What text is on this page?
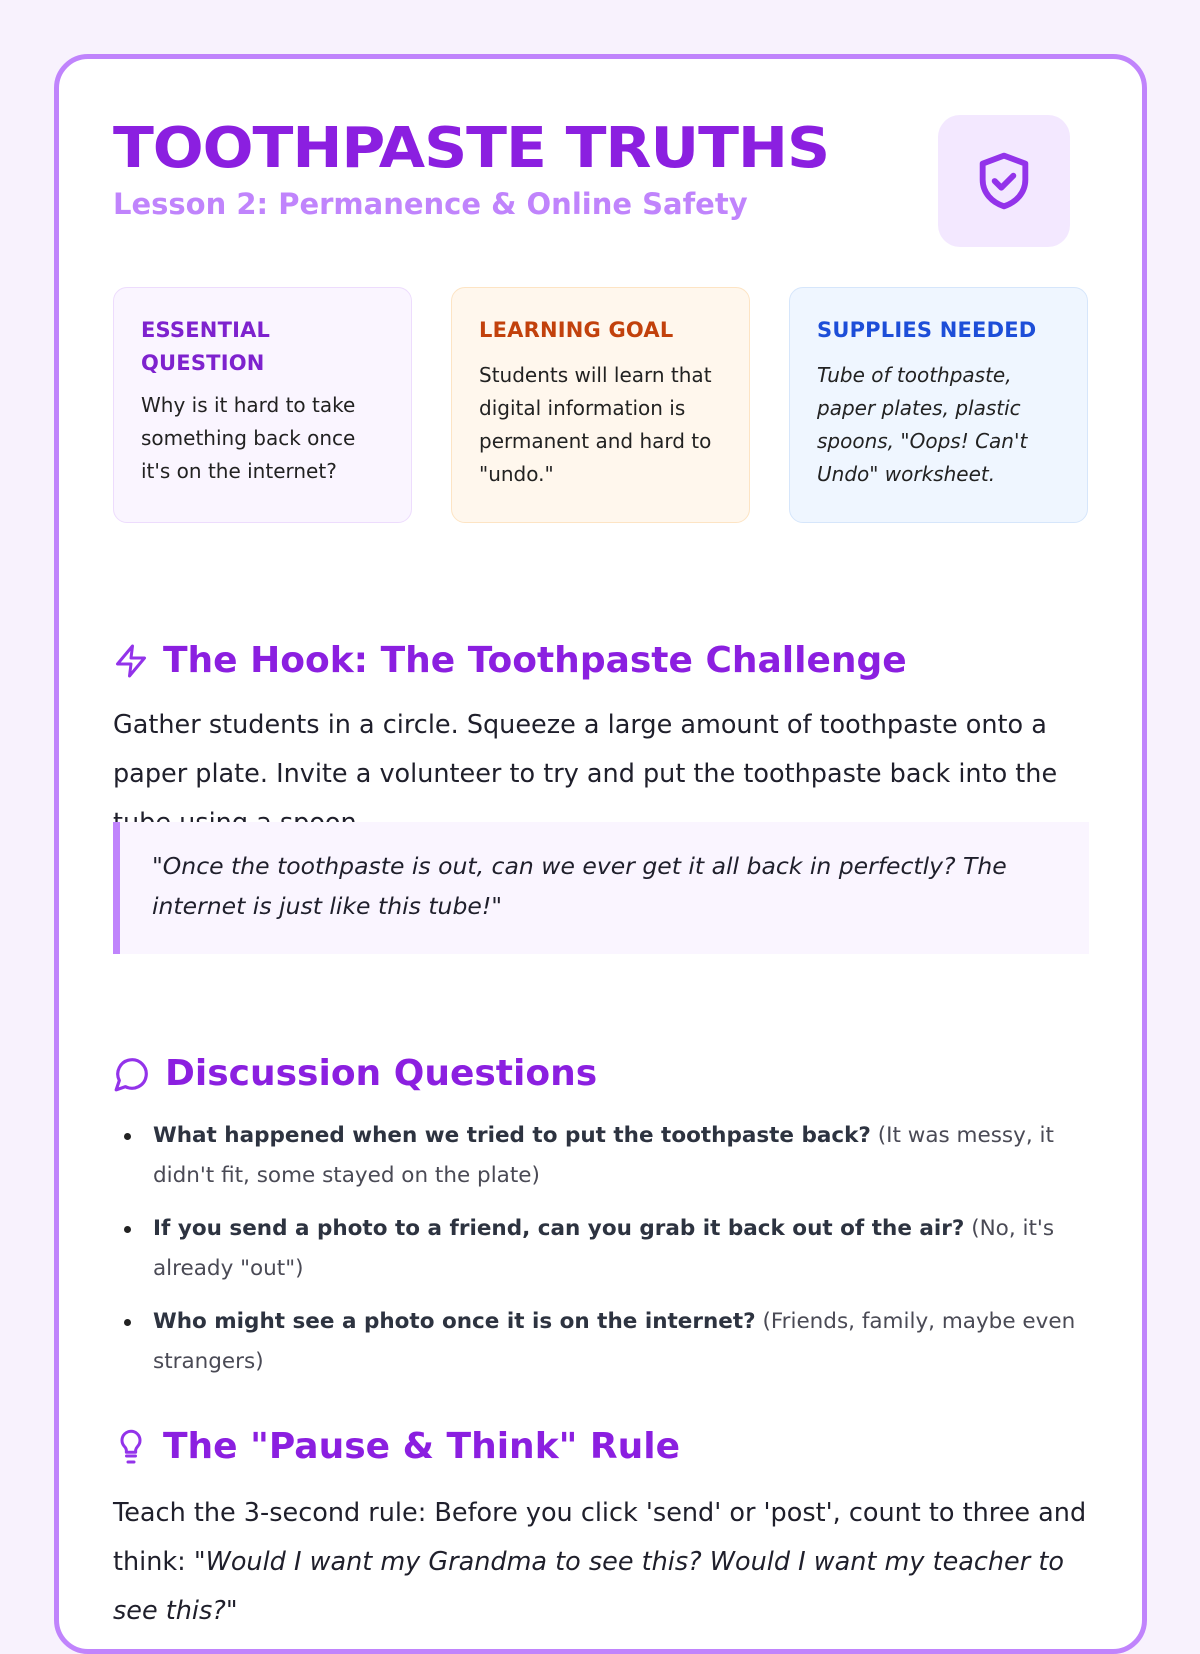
TOOTHPASTE TRUTHS
Lesson 2: Permanence & Online Safety
ESSENTIAL QUESTION
Why is it hard to take something back once it's on the internet?
LEARNING GOAL
Students will learn that digital information is permanent and hard to "undo."
SUPPLIES NEEDED
Tube of toothpaste, paper plates, plastic spoons, "Oops! Can't Undo" worksheet.
The Hook: The Toothpaste Challenge

Gather students in a circle. Squeeze a large amount of toothpaste onto a paper plate. Invite a volunteer to try and put the toothpaste back into the

"Once the toothpaste is out, can we ever get it all back in perfectly? The internet is just like this tube!"
Discussion Questions
What happened when we tried to put the toothpaste back? (It was messy, it didn't fit, some stayed on the plate)
If you send a photo to a friend, can you grab it back out of the air? (No, it's already "out")
Who might see a photo once it is on the internet? (Friends, family, maybe even strangers)
The "Pause & Think" Rule

Teach the 3-second rule: Before you click 'send' or 'post', count to three and think: "Would I want my Grandma to see this? Would I want my teacher to see this?"
